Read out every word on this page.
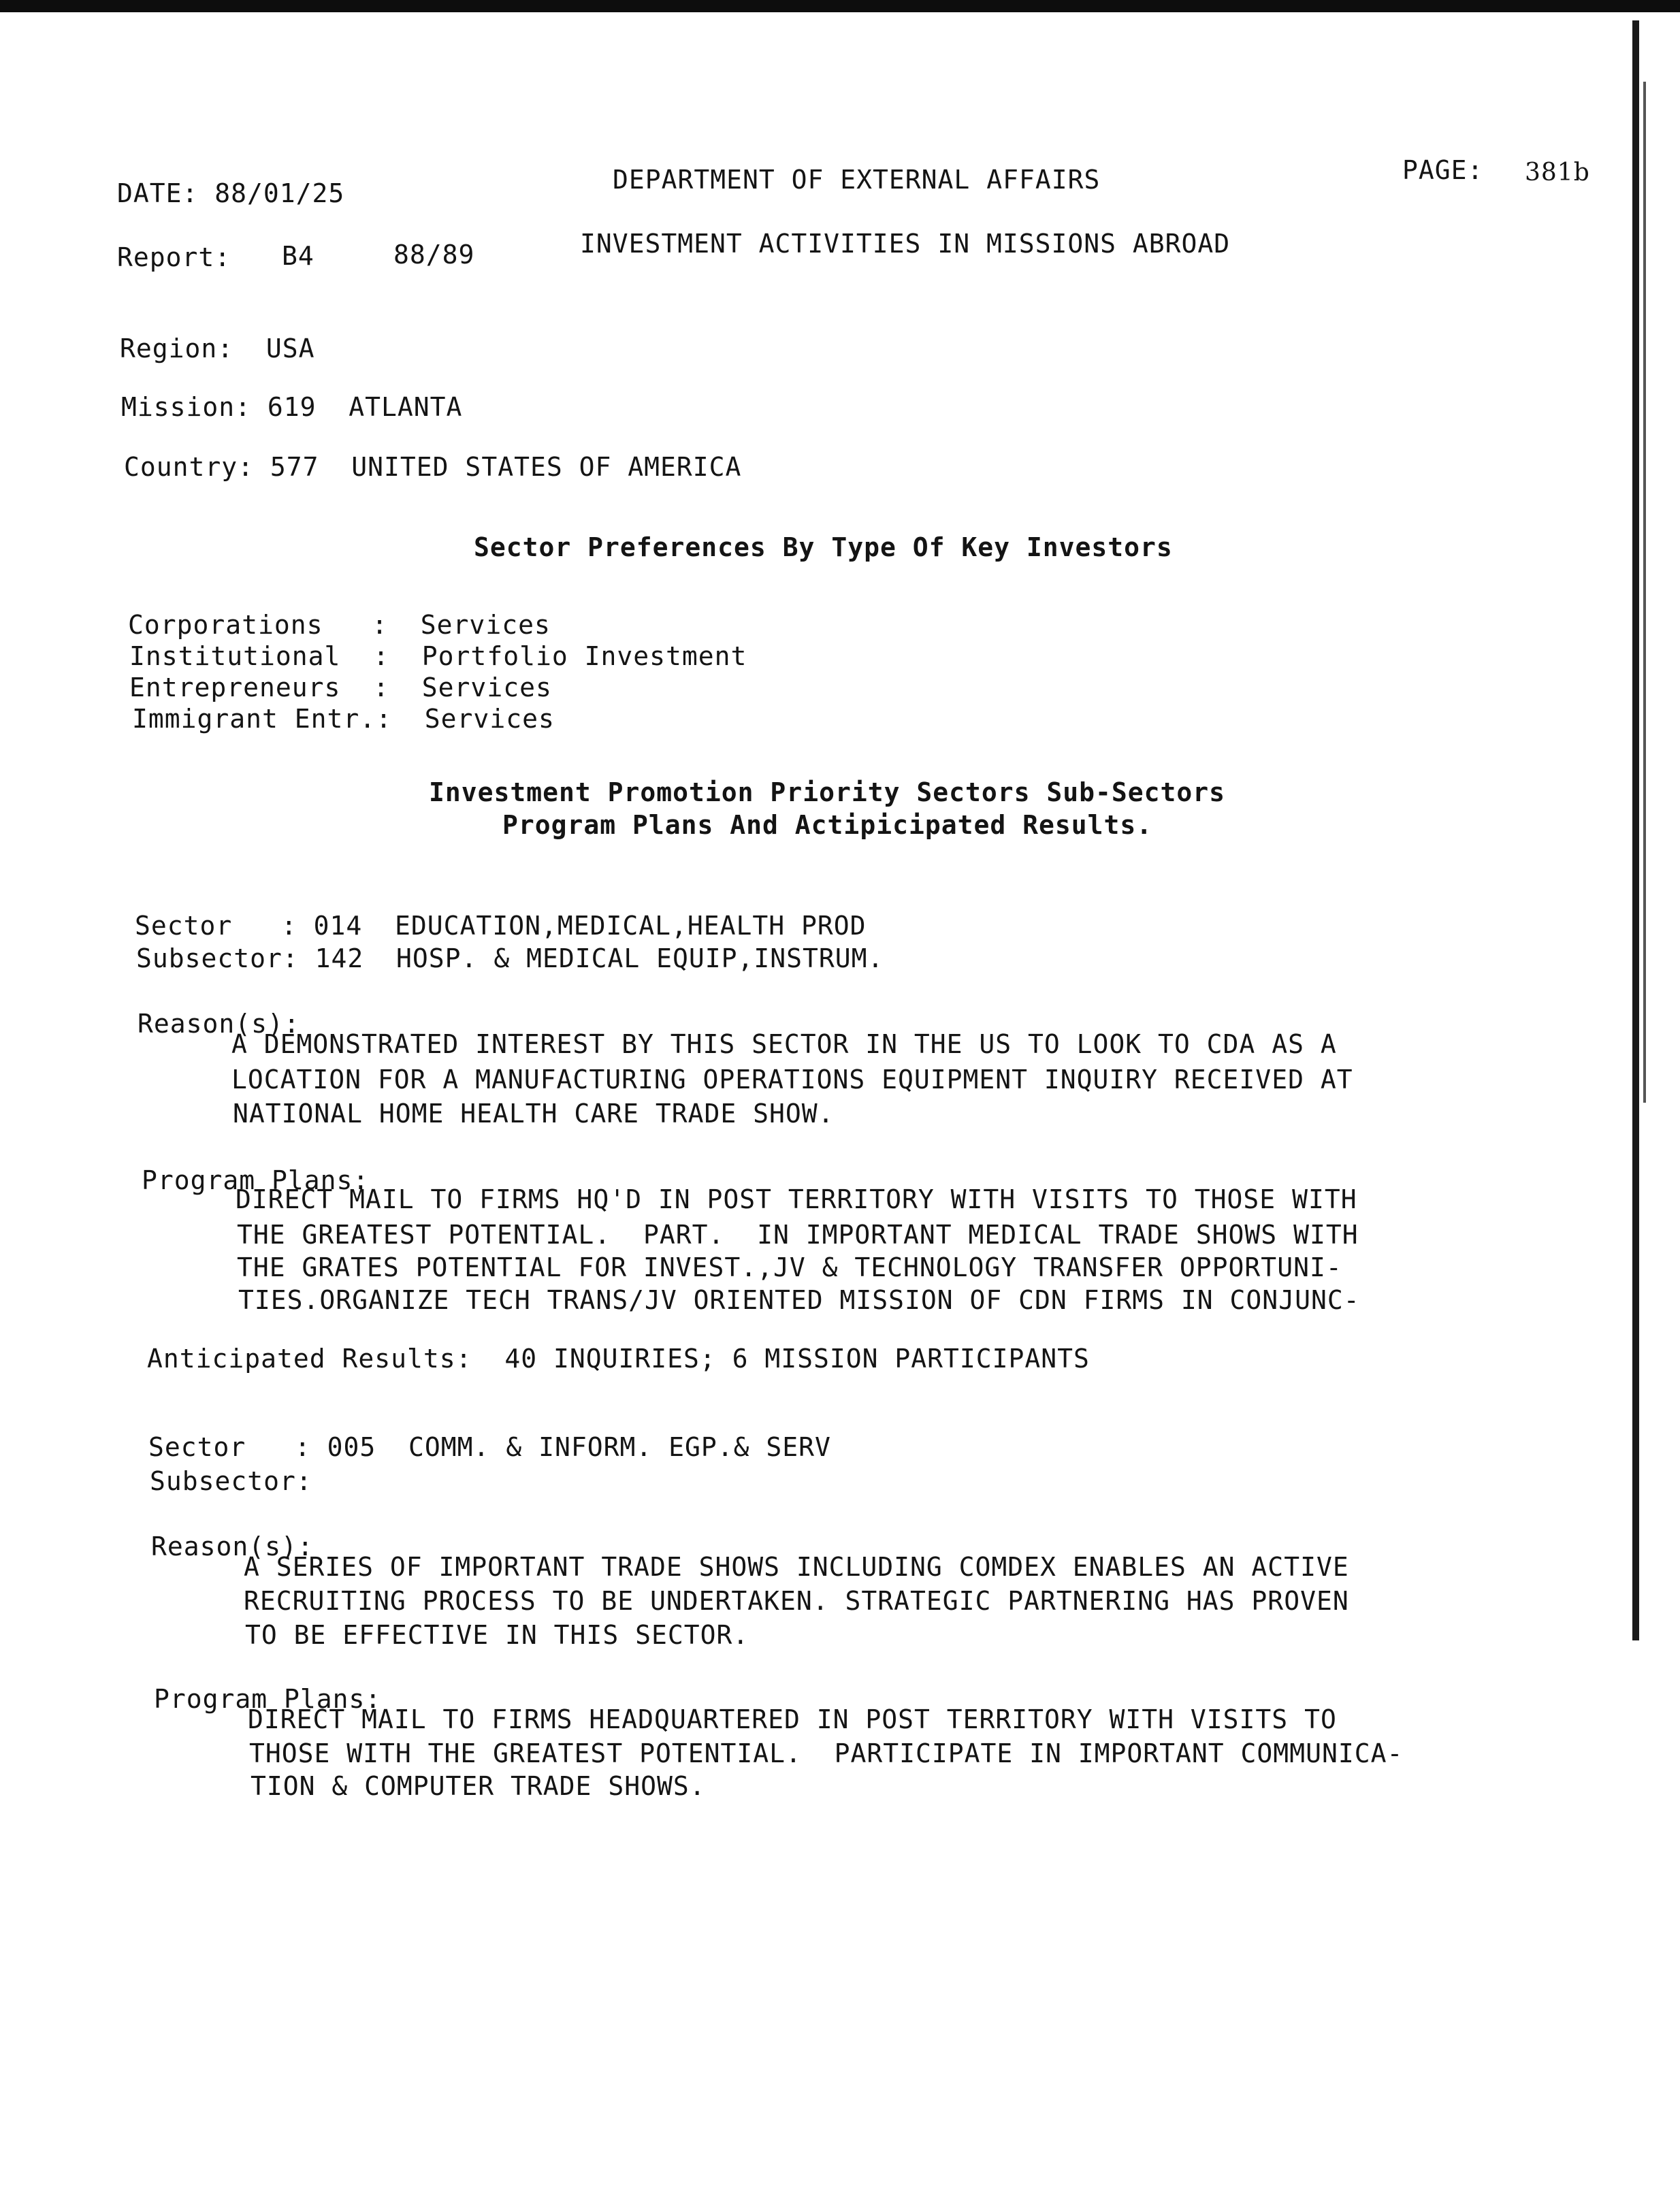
DATE: 88/01/25	DEPARTMENT OF EXTERNAL AFFAIRS	PAGE: 381b
Report: B4	88/89	INVESTMENT ACTIVITIES IN MISSIONS ABROAD
Region:  USA
Mission: 619  ATLANTA
Country: 577  UNITED STATES OF AMERICA
Sector Preferences By Type Of Key Investors
Corporations   :  Services
Institutional  :  Portfolio Investment
Entrepreneurs  :  Services
Immigrant Entr.:  Services
Investment Promotion Priority Sectors Sub-Sectors
Program Plans And Actipicipated Results.
Sector   : 014  EDUCATION,MEDICAL,HEALTH PROD
Subsector: 142  HOSP. & MEDICAL EQUIP,INSTRUM.
Reason(s):
A DEMONSTRATED INTEREST BY THIS SECTOR IN THE US TO LOOK TO CDA AS A
LOCATION FOR A MANUFACTURING OPERATIONS EQUIPMENT INQUIRY RECEIVED AT
NATIONAL HOME HEALTH CARE TRADE SHOW.
Program Plans:
DIRECT MAIL TO FIRMS HQ'D IN POST TERRITORY WITH VISITS TO THOSE WITH
THE GREATEST POTENTIAL.  PART.  IN IMPORTANT MEDICAL TRADE SHOWS WITH
THE GRATES POTENTIAL FOR INVEST.,JV & TECHNOLOGY TRANSFER OPPORTUNI-
TIES.ORGANIZE TECH TRANS/JV ORIENTED MISSION OF CDN FIRMS IN CONJUNC-
Anticipated Results:  40 INQUIRIES; 6 MISSION PARTICIPANTS
Sector   : 005  COMM. & INFORM. EGP.& SERV
Subsector:
Reason(s):
A SERIES OF IMPORTANT TRADE SHOWS INCLUDING COMDEX ENABLES AN ACTIVE
RECRUITING PROCESS TO BE UNDERTAKEN. STRATEGIC PARTNERING HAS PROVEN
TO BE EFFECTIVE IN THIS SECTOR.
Program Plans:
DIRECT MAIL TO FIRMS HEADQUARTERED IN POST TERRITORY WITH VISITS TO
THOSE WITH THE GREATEST POTENTIAL.  PARTICIPATE IN IMPORTANT COMMUNICA-
TION & COMPUTER TRADE SHOWS.
